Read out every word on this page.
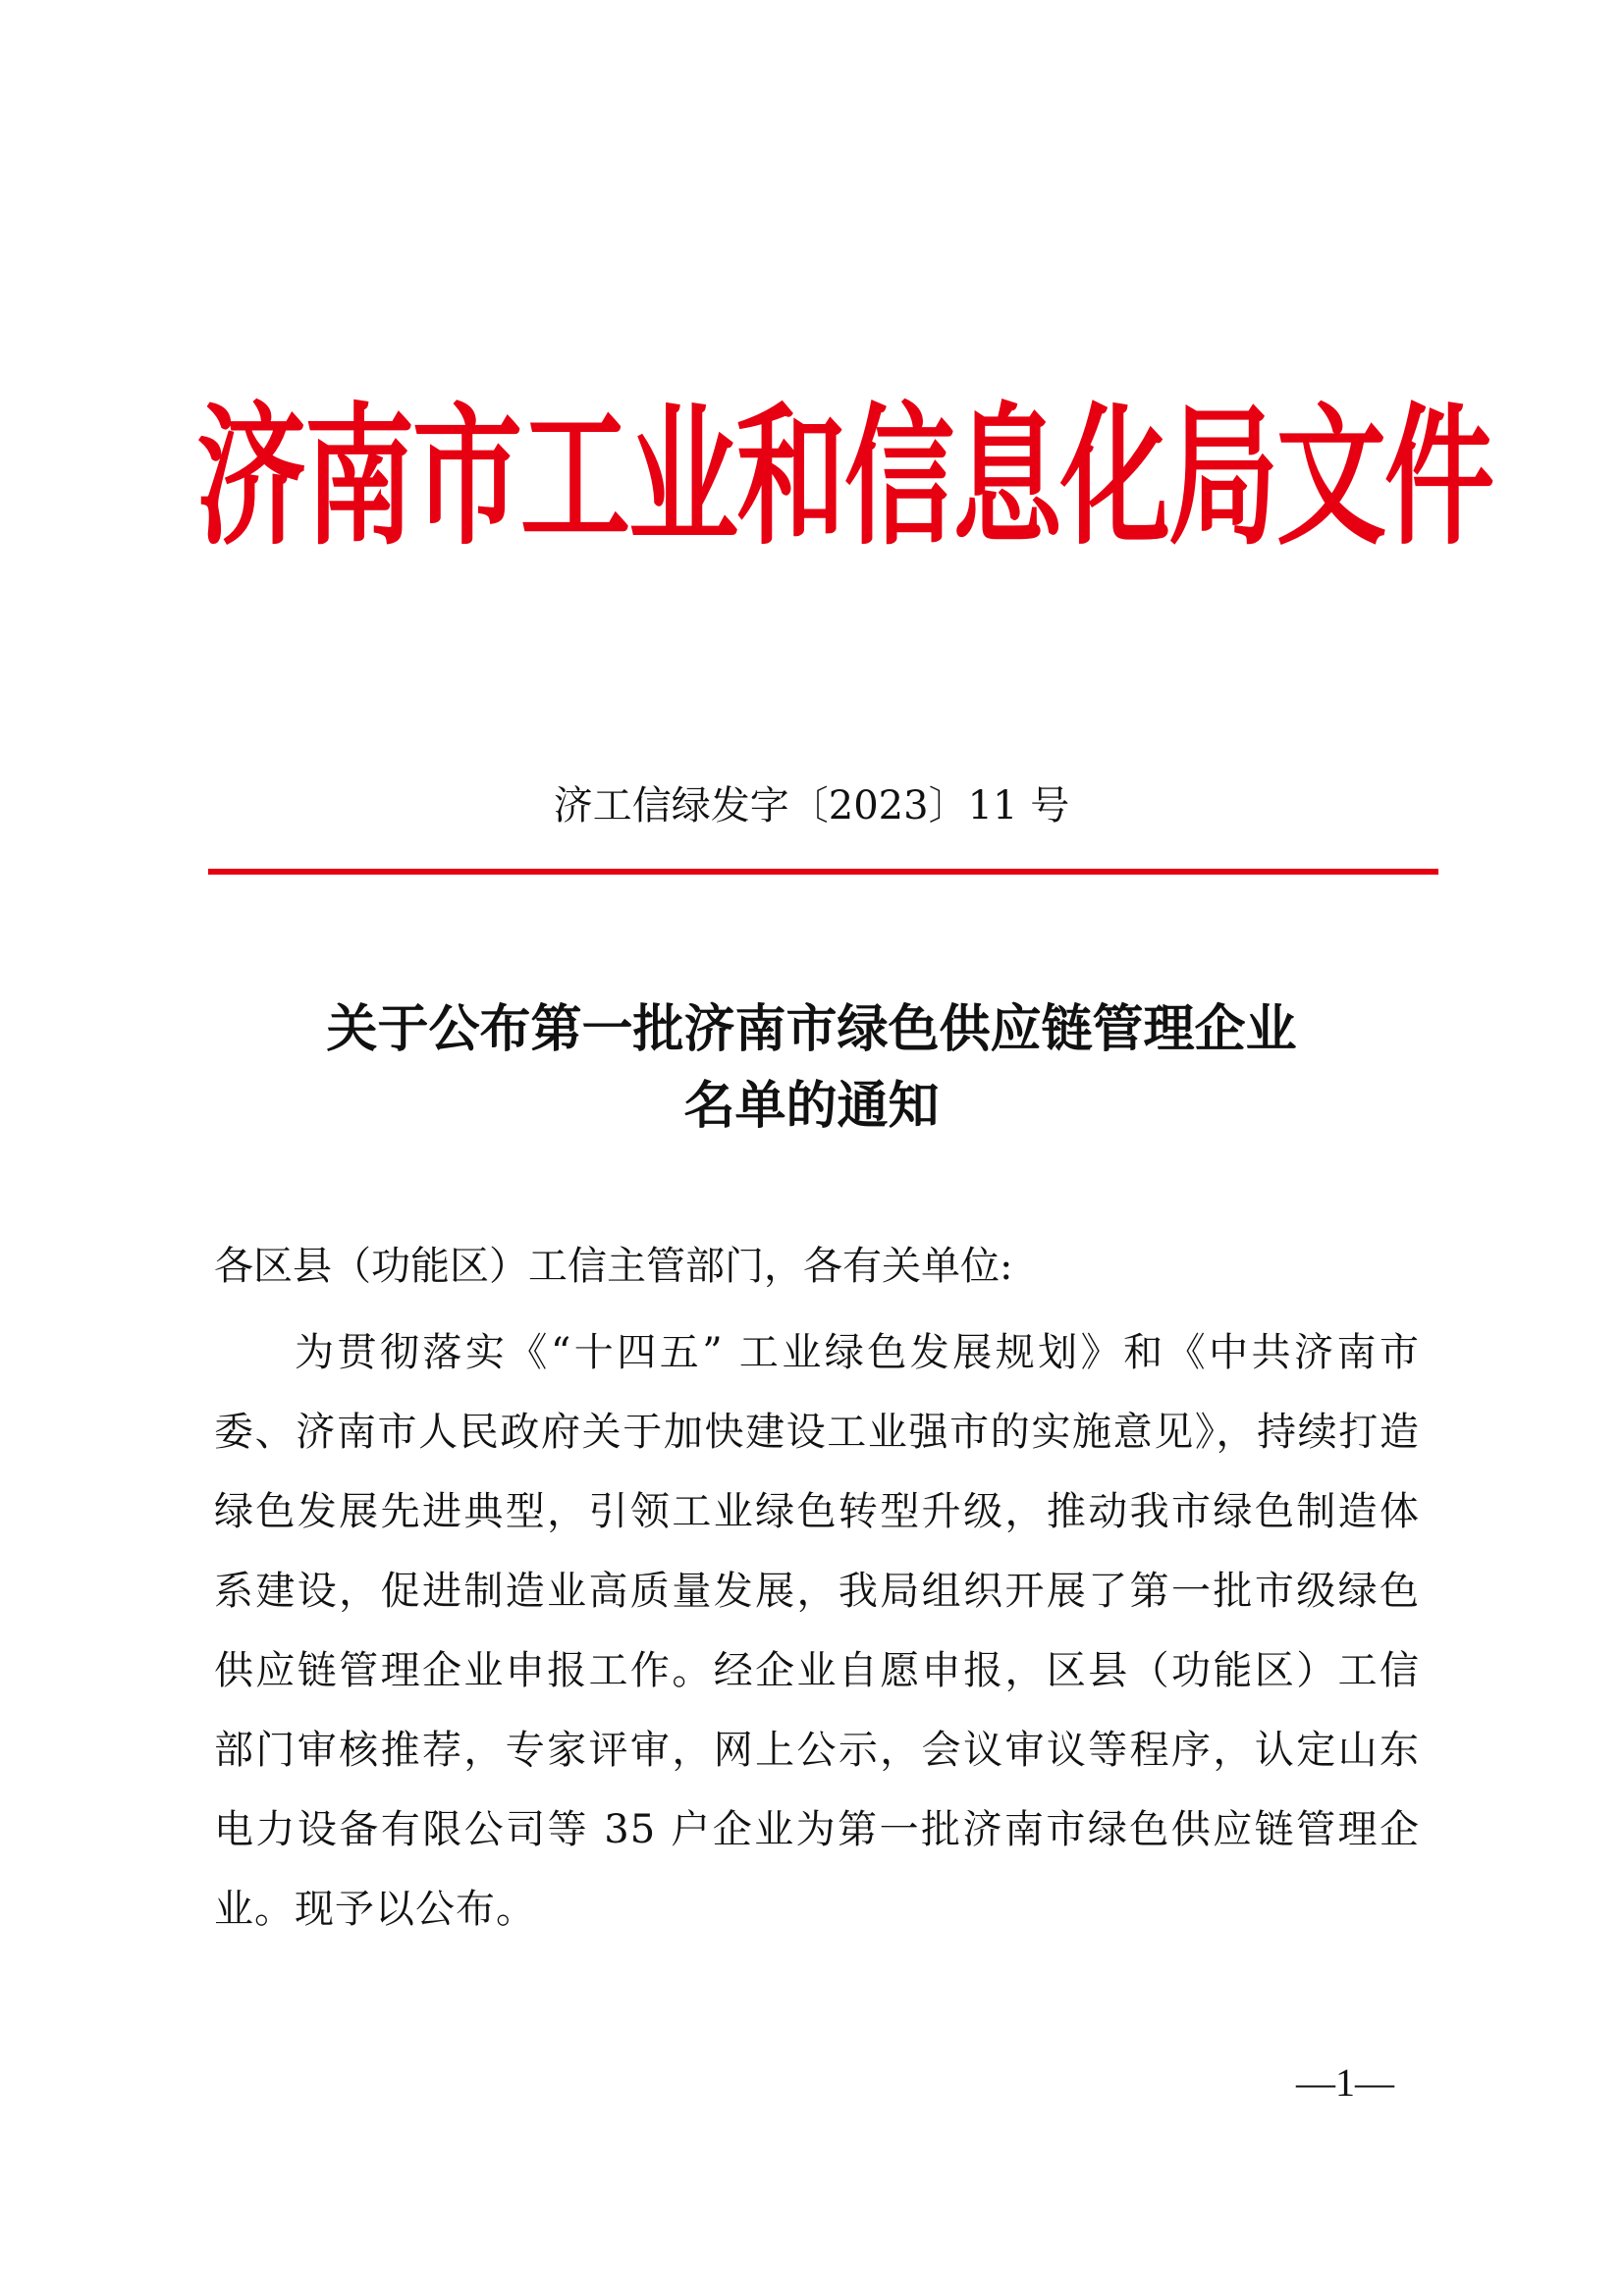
济南市工业和信息化局文件
济工信绿发字〔2023〕11 号
关于公布第一批济南市绿色供应链管理企业
名单的通知
各区县（功能区）工信主管部门，各有关单位:
为贯彻落实《“十四五” 工业绿色发展规划》和《中共济南市委、济南市人民政府关于加快建设工业强市的实施意见》，持续打造绿色发展先进典型，引领工业绿色转型升级，推动我市绿色制造体系建设，促进制造业高质量发展，我局组织开展了第一批市级绿色供应链管理企业申报工作。经企业自愿申报，区县（功能区）工信部门审核推荐，专家评审，网上公示，会议审议等程序，认定山东电力设备有限公司等 35 户企业为第一批济南市绿色供应链管理企业。现予以公布。
—1—
